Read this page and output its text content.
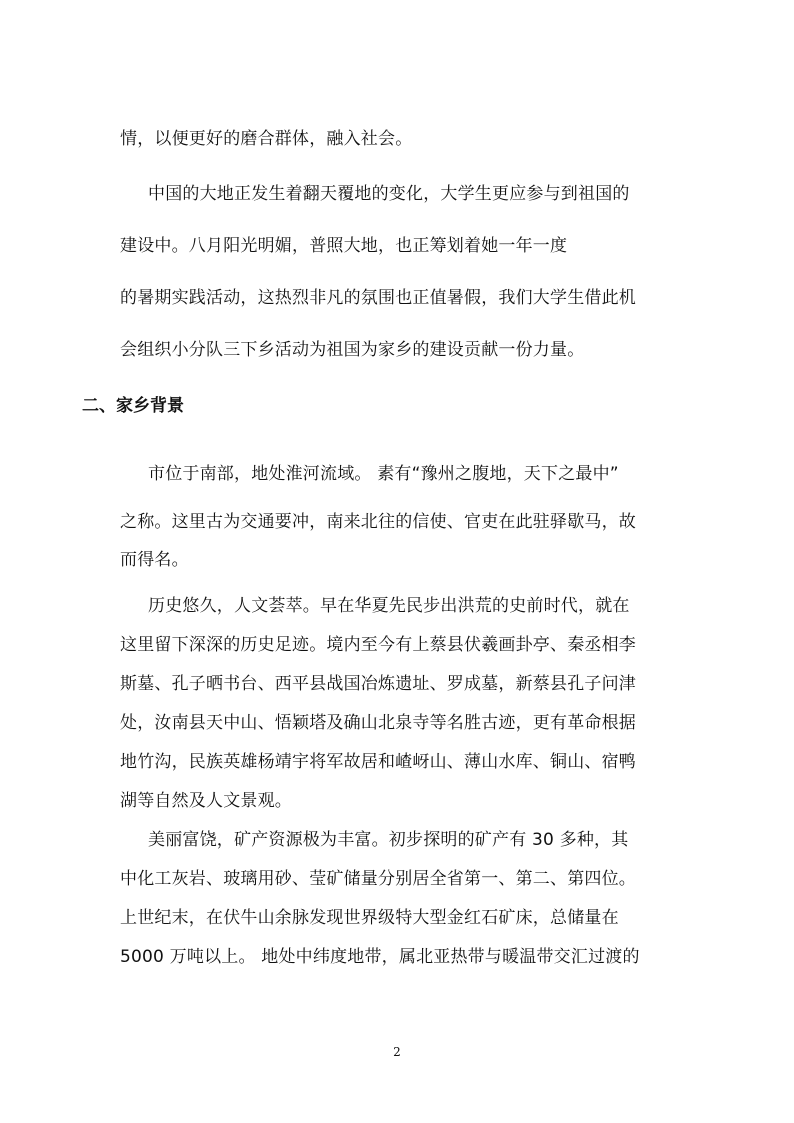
情，以便更好的磨合群体，融入社会。
中国的大地正发生着翻天覆地的变化，大学生更应参与到祖国的
建设中。八月阳光明媚，普照大地，也正筹划着她一年一度
的暑期实践活动，这热烈非凡的氛围也正值暑假，我们大学生借此机
会组织小分队三下乡活动为祖国为家乡的建设贡献一份力量。
二、家乡背景
市位于南部，地处淮河流域。 素有“豫州之腹地，天下之最中”
之称。这里古为交通要冲，南来北往的信使、官吏在此驻驿歇马，故
而得名。
历史悠久，人文荟萃。早在华夏先民步出洪荒的史前时代，就在
这里留下深深的历史足迹。境内至今有上蔡县伏羲画卦亭、秦丞相李
斯墓、孔子晒书台、西平县战国冶炼遗址、罗成墓，新蔡县孔子问津
处，汝南县天中山、悟颖塔及确山北泉寺等名胜古迹，更有革命根据
地竹沟，民族英雄杨靖宇将军故居和嵖岈山、薄山水库、铜山、宿鸭
湖等自然及人文景观。
美丽富饶，矿产资源极为丰富。初步探明的矿产有 30 多种，其
中化工灰岩、玻璃用砂、莹矿储量分别居全省第一、第二、第四位。
上世纪末，在伏牛山余脉发现世界级特大型金红石矿床，总储量在
5000 万吨以上。 地处中纬度地带，属北亚热带与暖温带交汇过渡的
2
